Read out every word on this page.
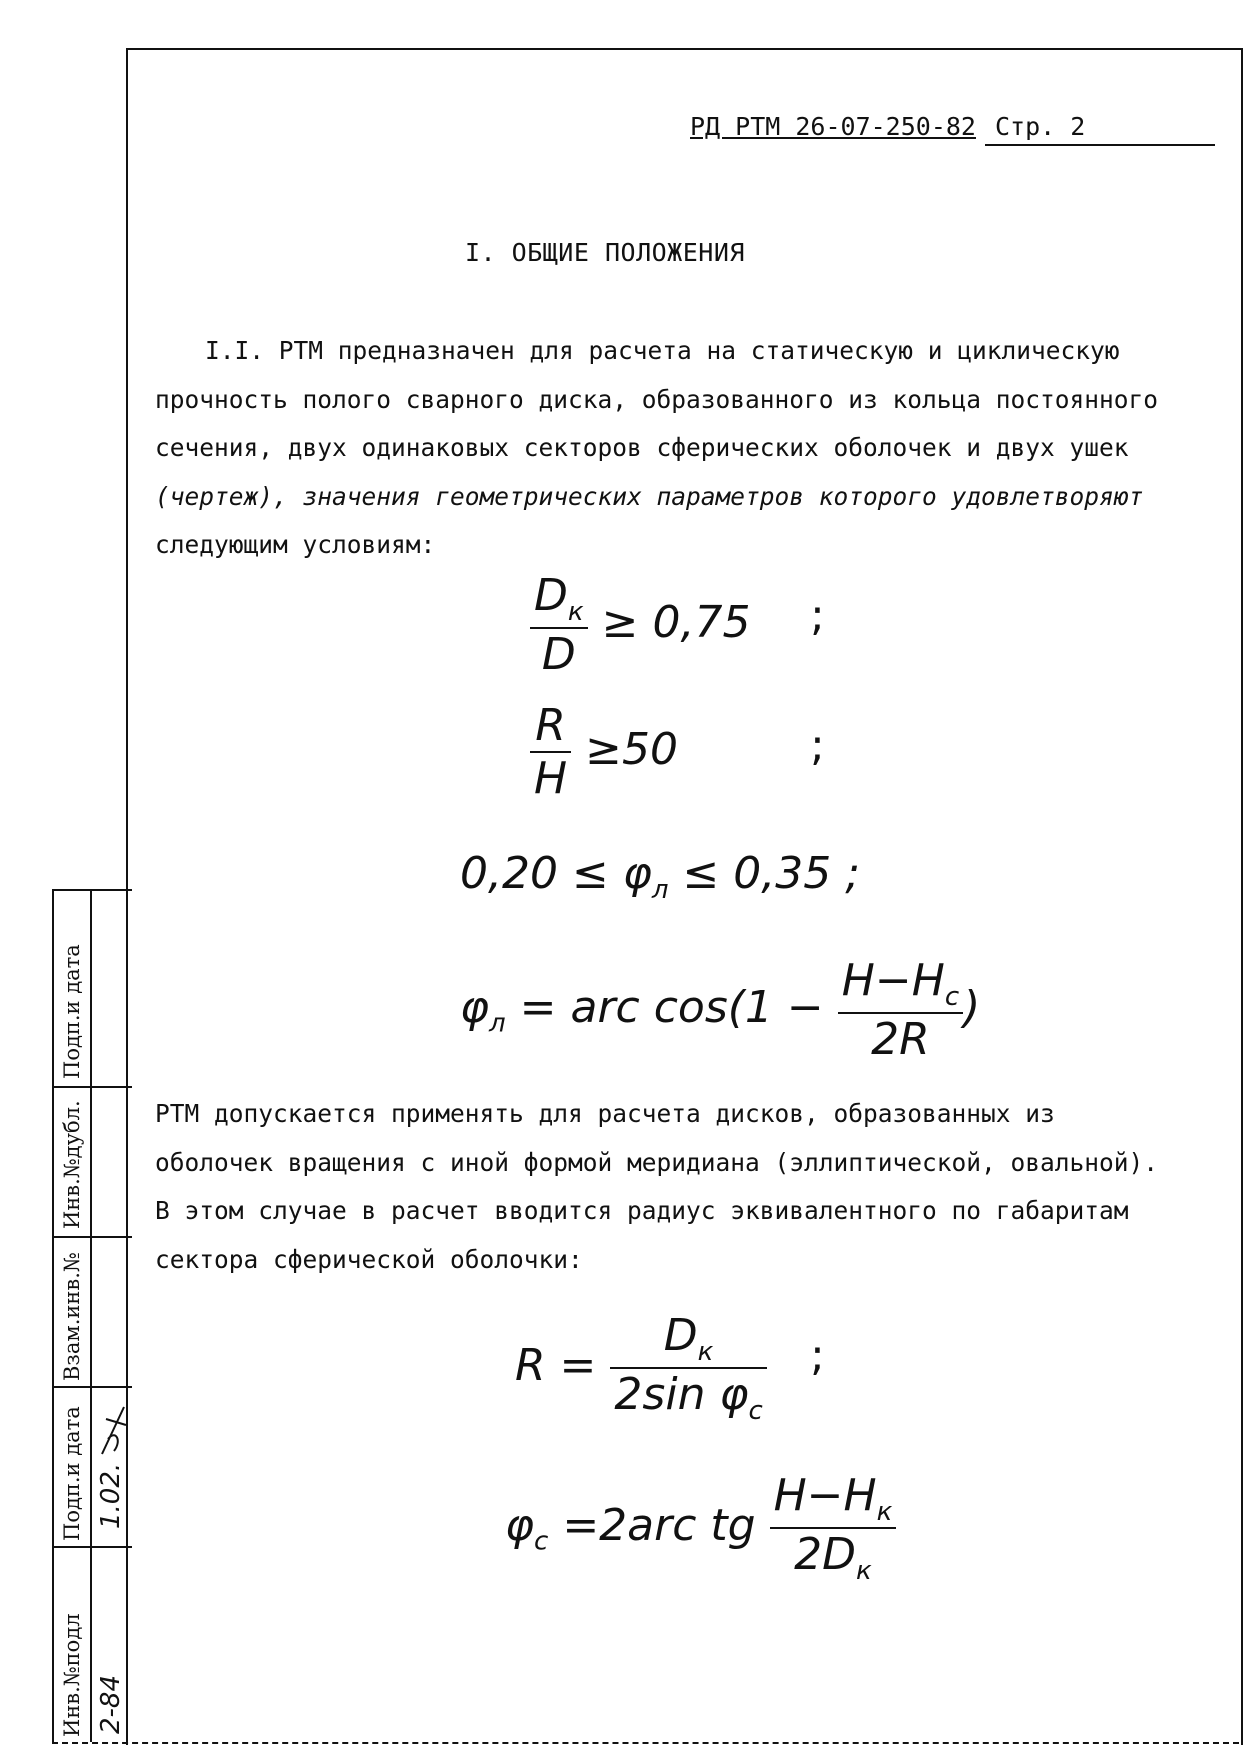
РД РТМ 26-07-250-82 Стр. 2
I. ОБЩИЕ ПОЛОЖЕНИЯ
I.I. РТМ предназначен для расчета на статическую и циклическую
прочность полого сварного диска, образованного из кольца постоянного
сечения, двух одинаковых секторов сферических оболочек и двух ушек
(чертеж), значения геометрических параметров которого удовлетворяют
следующим условиям:
$\frac{D_к}{D} \ge 0,75$ ;
$\frac{R}{H} \ge 50$	;
$0,20 \le \varphi_л \le 0,35$ ;
$\varphi_л$ = arc $\cos(1 - \frac{H-H_c}{2R}$ )
РТМ допускается применять для расчета дисков, образованных из
оболочек вращения с иной формой меридиана (эллиптической, овальной).
В этом случае в расчет вводится радиус эквивалентного по габаритам
сектора сферической оболочки:
$R = \frac{D_к}{2\sin \varphi_c}$ ;
$\varphi_c =2arc$ tg $\frac{H-H_к}{2D_к}$
Подп.и дата
Инв.№дубл.
Взам.инв.№
Подп.и дата
Инв.№подл 2-84
1.02.
